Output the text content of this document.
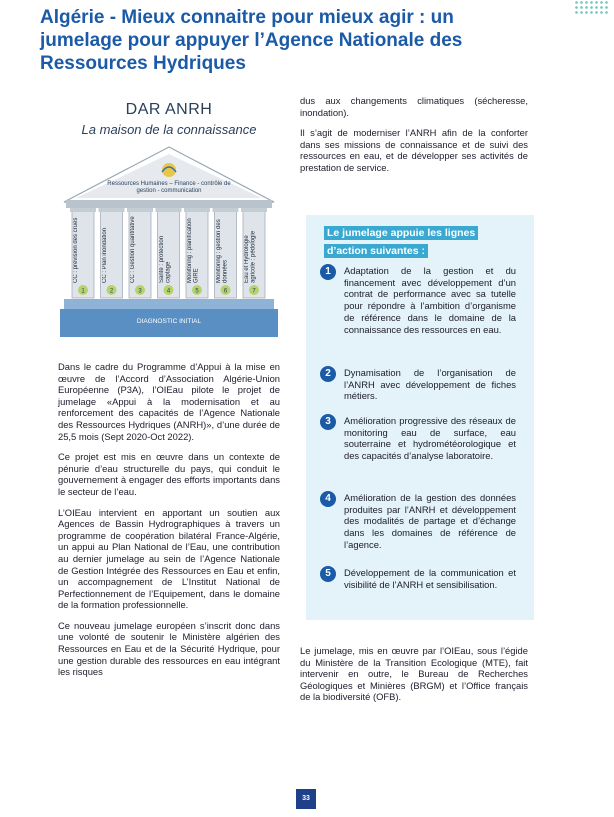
Algérie - Mieux connaitre pour mieux agir : un jumelage pour appuyer l’Agence Nationale des Ressources Hydriques
DAR ANRH
La maison de la connaissance
1	2	3	4	5	6	7
Ressources Humaines – Finance - contrôle de gestion - communication
DIAGNOSTIC INITIAL
CC : prévision des crues	CC : Plan inondation	CC : Gestion quantitative	Santé : protection captage	Monitoring : planification GIRE	Monitoring : gestion des données	Eau et Hydrologie agricole : pédologie

Dans le cadre du Programme d’Appui à la mise en œuvre de l’Accord d’Association Algérie-Union Européenne (P3A), l’OIEau pilote le projet de jumelage «Appui à la modernisation et au renforcement des capacités de l’Agence Nationale des Ressources Hydriques (ANRH)», d’une durée de 25,5 mois (Sept 2020-Oct 2022).

Ce projet est mis en œuvre dans un contexte de pénurie d’eau structurelle du pays, qui conduit le gouvernement à engager des efforts importants dans le secteur de l’eau.

L’OIEau intervient en apportant un soutien aux Agences de Bassin Hydrographiques à travers un programme de coopération bilatéral France-Algérie, un appui au Plan National de l’Eau, une contribution au dernier jumelage au sein de l’Agence Nationale de Gestion Intégrée des Ressources en Eau et enfin, un accompagnement de L’Institut National de Perfectionnement de l’Equipement, dans le domaine de la formation professionnelle.

Ce nouveau jumelage européen s’inscrit donc dans une volonté de soutenir le Ministère algérien des Ressources en Eau et de la Sécurité Hydrique, pour une gestion durable des ressources en eau intégrant les risques

dus aux changements climatiques (sécheresse, inondation).

Il s’agit de moderniser l’ANRH afin de la conforter dans ses missions de connaissance et de suivi des ressources en eau, et de développer ses activités de prestation de service.

Le jumelage appuie les lignes d’action suivantes :
1	Adaptation de la gestion et du financement avec développement d’un contrat de performance avec sa tutelle pour répondre à l’ambition d’organisme de référence dans le domaine de la connaissance des ressources en eau.
2	Dynamisation de l’organisation de l’ANRH avec développement de fiches métiers.
3	Amélioration progressive des réseaux de monitoring eau de surface, eau souterraine et hydrométéorologique et des capacités d’analyse laboratoire.
4	Amélioration de la gestion des données produites par l’ANRH et développement des modalités de partage et d’échange dans les domaines de référence de l’agence.
5	Développement de la communication et visibilité de l’ANRH et sensibilisation.

Le jumelage, mis en œuvre par l’OIEau, sous l’égide du Ministère de la Transition Ecologique (MTE), fait intervenir en outre, le Bureau de Recherches Géologiques et Minières (BRGM) et l’Office français de la biodiversité (OFB).

33
